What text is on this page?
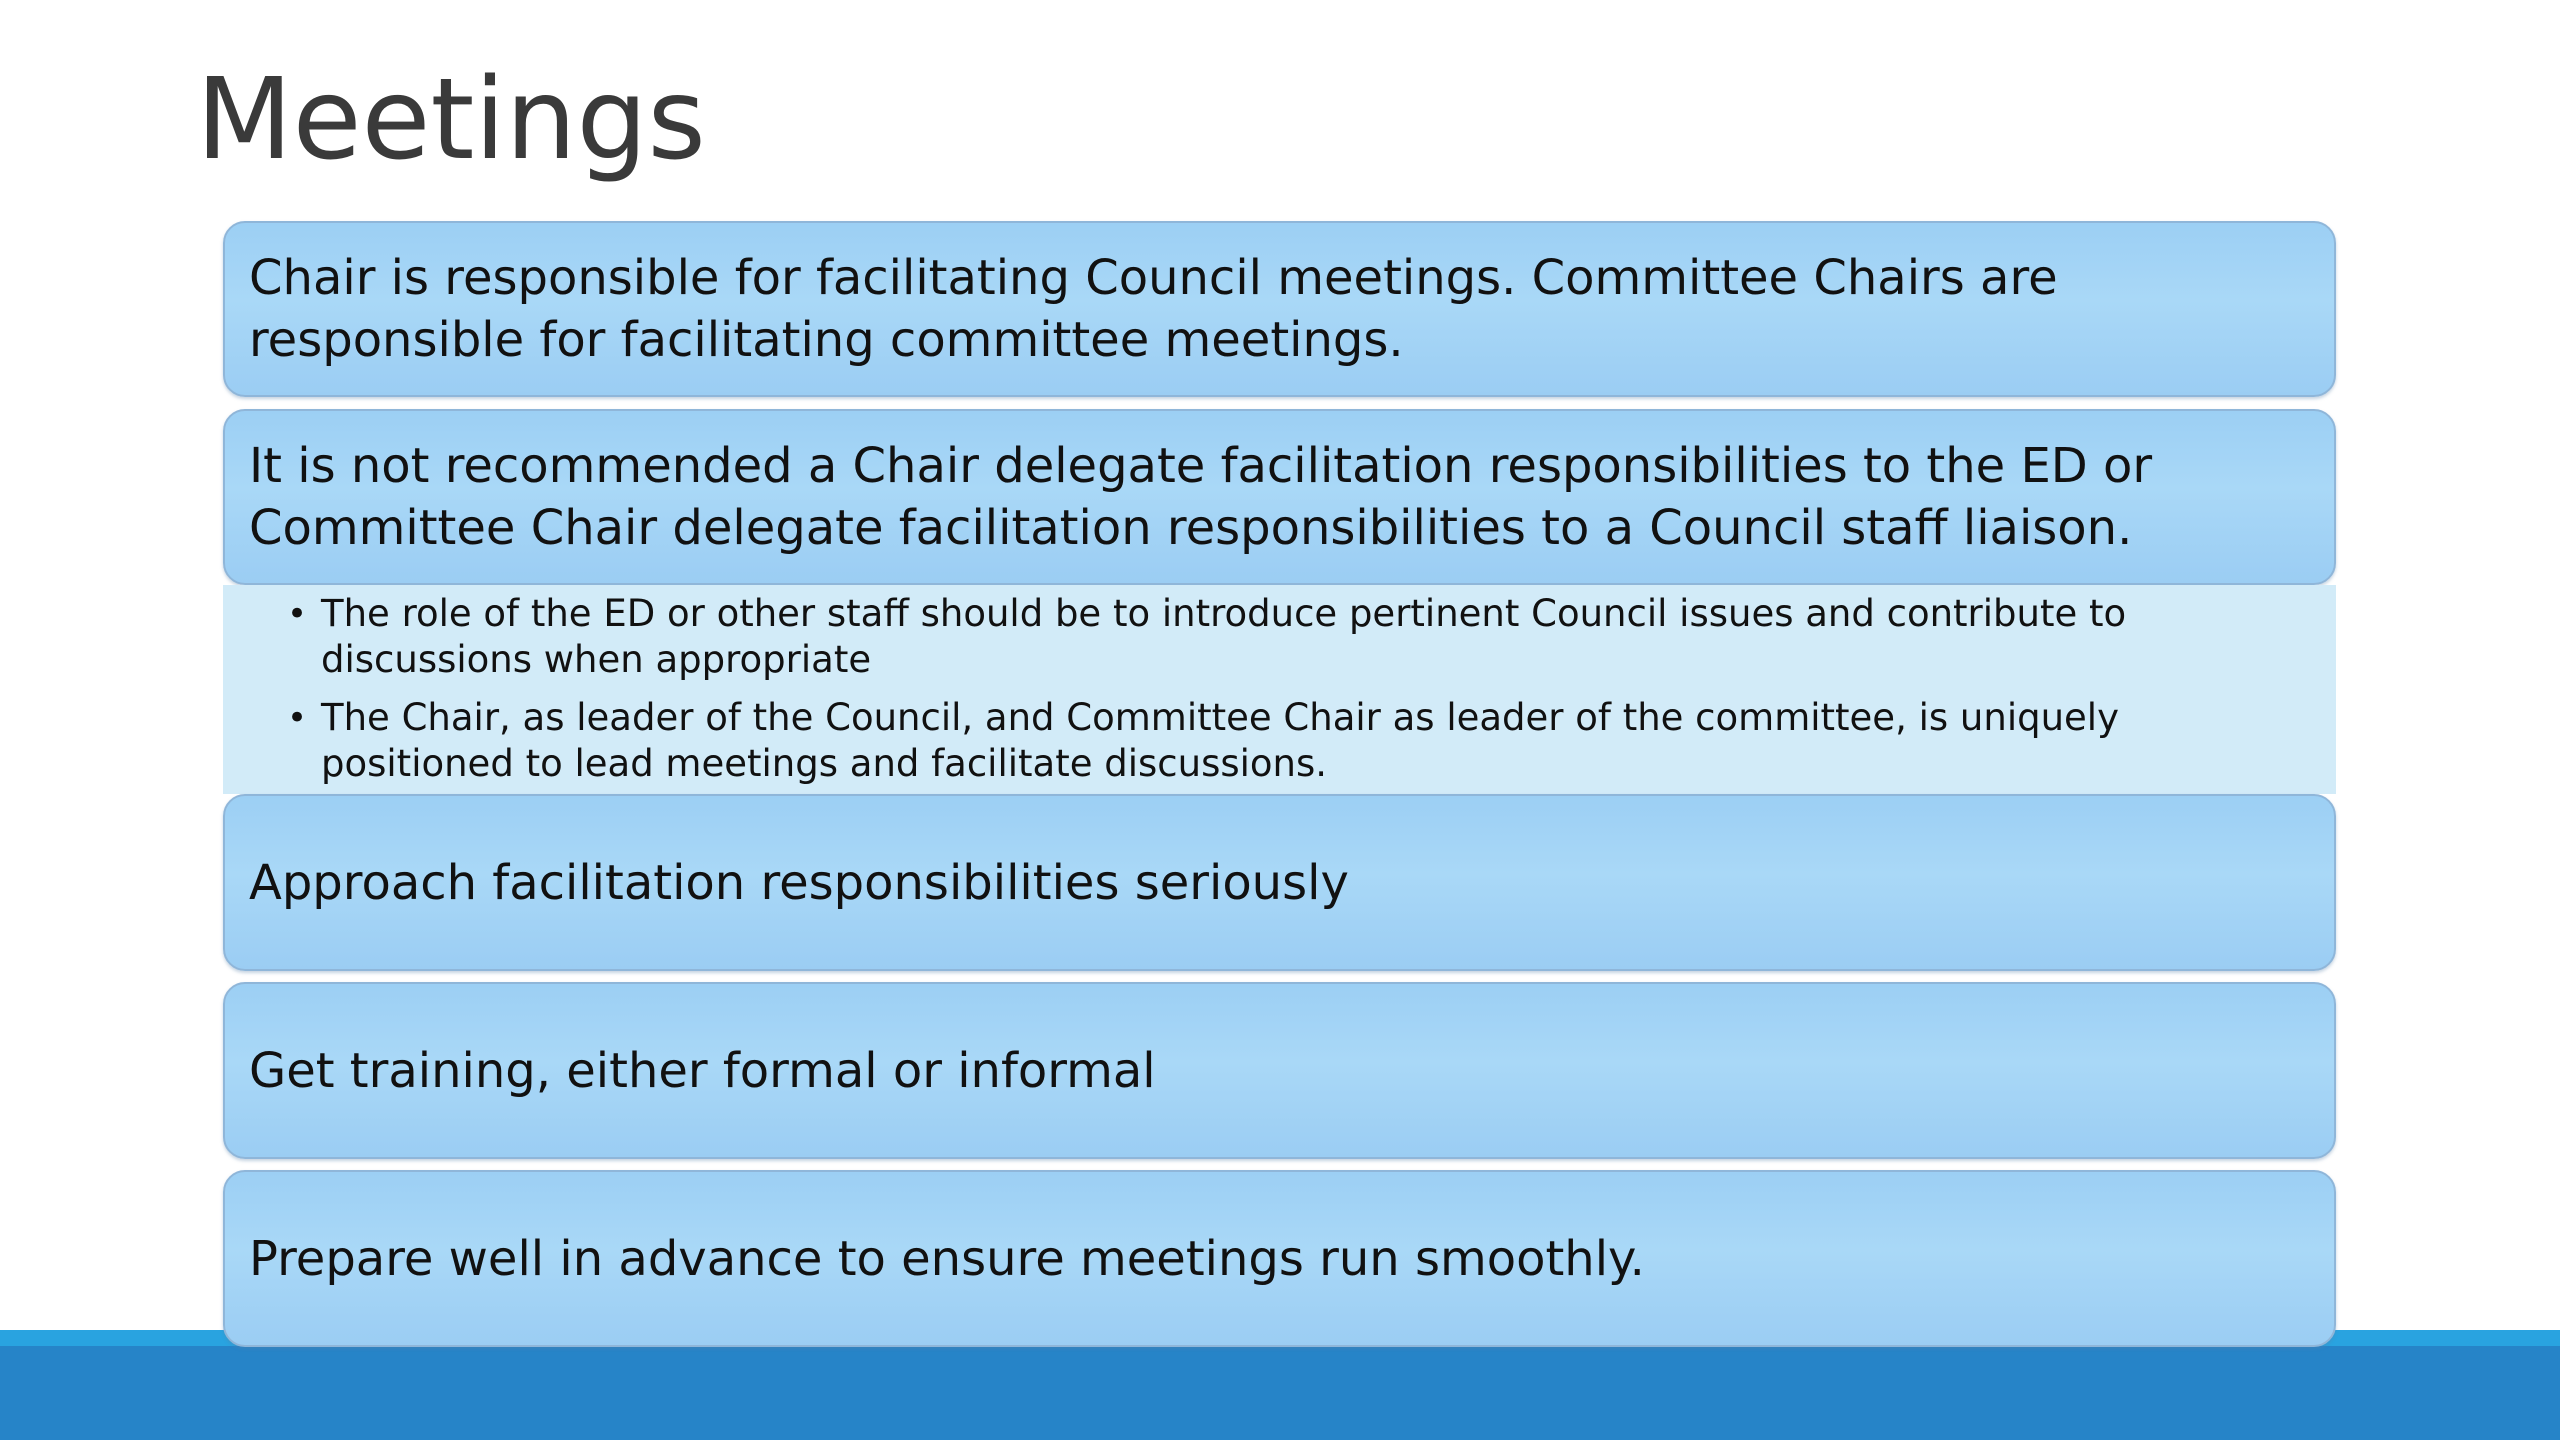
Meetings
Chair is responsible for facilitating Council meetings. Committee Chairs are responsible for facilitating committee meetings.
It is not recommended a Chair delegate facilitation responsibilities to the ED or Committee Chair delegate facilitation responsibilities to a Council staff liaison.
• The role of the ED or other staff should be to introduce pertinent Council issues and contribute to discussions when appropriate
• The Chair, as leader of the Council, and Committee Chair as leader of the committee, is uniquely positioned to lead meetings and facilitate discussions.
Approach facilitation responsibilities seriously
Get training, either formal or informal
Prepare well in advance to ensure meetings run smoothly.
